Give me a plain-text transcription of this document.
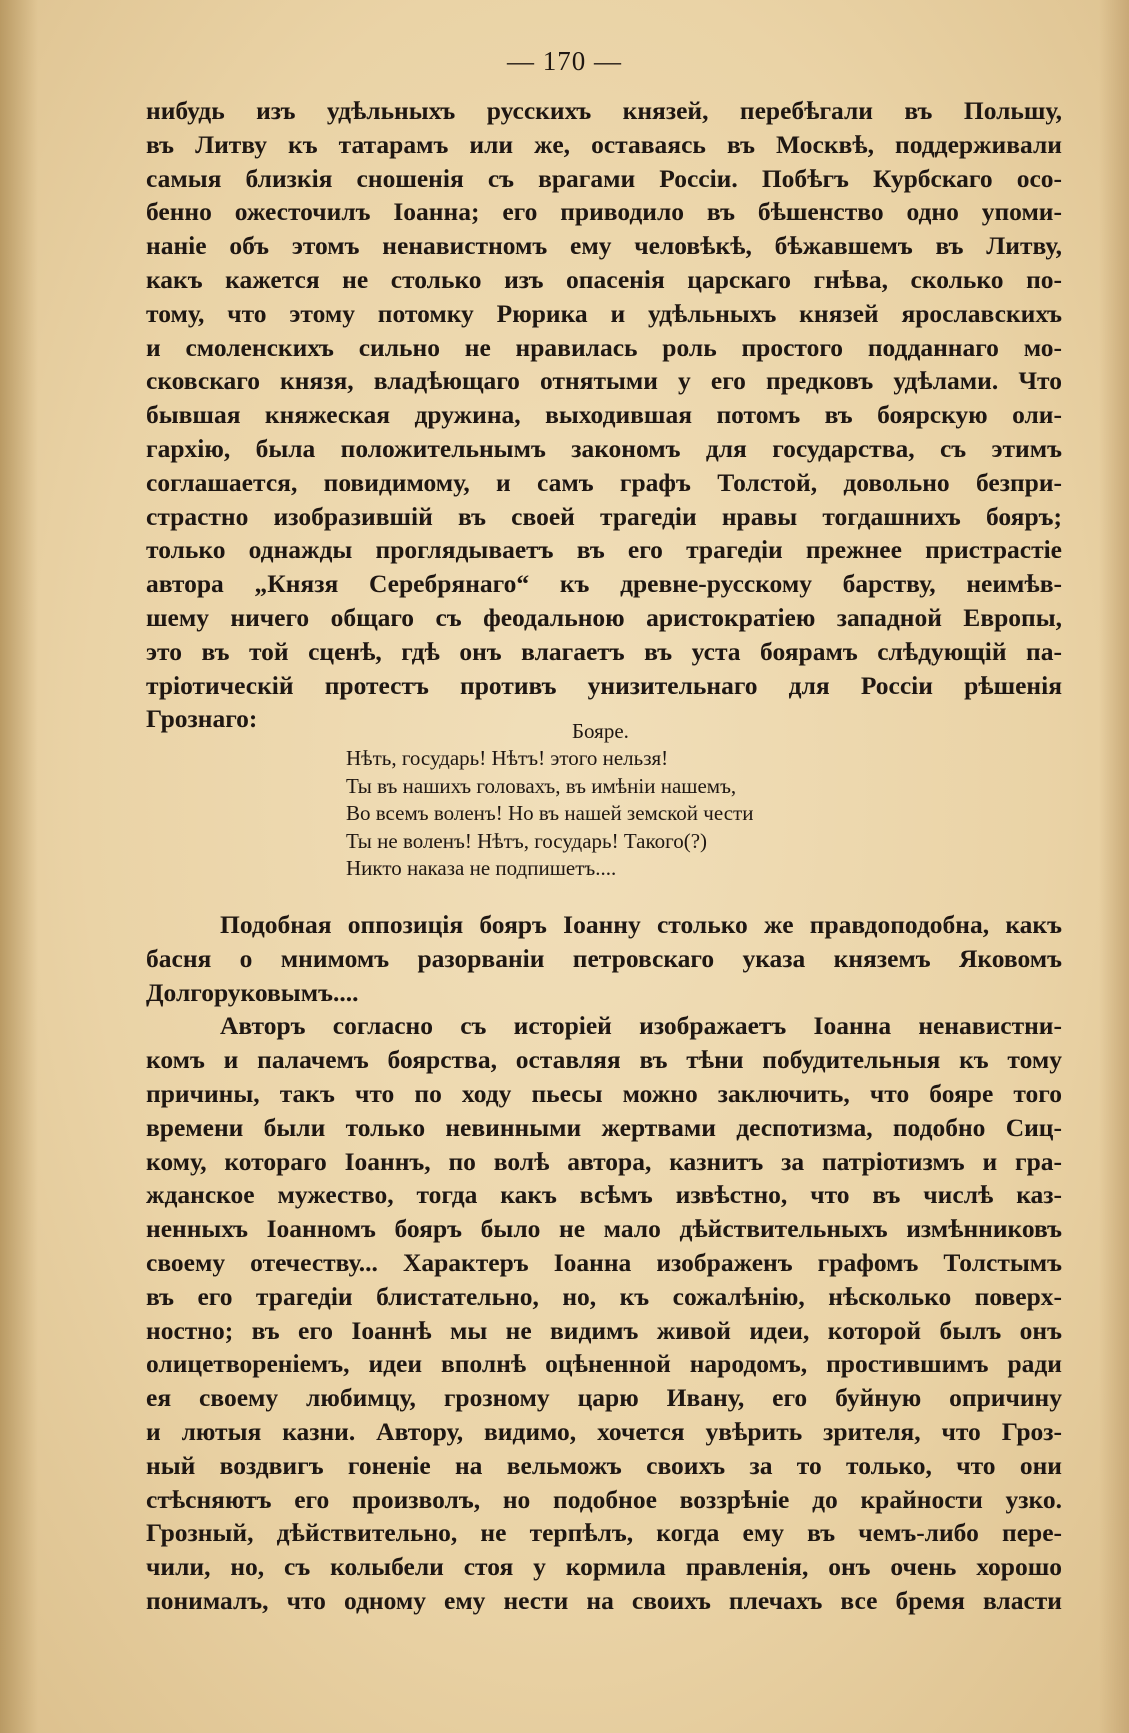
— 170 —
нибудь изъ удѣльныхъ русскихъ князей, перебѣгали въ Польшу,
въ Литву къ татарамъ или же, оставаясь въ Москвѣ, поддерживали
самыя близкія сношенія съ врагами Россіи. Побѣгъ Курбскаго осо-
бенно ожесточилъ Іоанна; его приводило въ бѣшенство одно упоми-
наніе объ этомъ ненавистномъ ему человѣкѣ, бѣжавшемъ въ Литву,
какъ кажется не столько изъ опасенія царскаго гнѣва, сколько по-
тому, что этому потомку Рюрика и удѣльныхъ князей ярославскихъ
и смоленскихъ сильно не нравилась роль простого подданнаго мо-
сковскаго князя, владѣющаго отнятыми у его предковъ удѣлами. Что
бывшая княжеская дружина, выходившая потомъ въ боярскую оли-
гархію, была положительнымъ закономъ для государства, съ этимъ
соглашается, повидимому, и самъ графъ Толстой, довольно безпри-
страстно изобразившій въ своей трагедіи нравы тогдашнихъ бояръ;
только однажды проглядываетъ въ его трагедіи прежнее пристрастіе
автора „Князя Серебрянаго“ къ древне-русскому барству, неимѣв-
шему ничего общаго съ феодальною аристократіею западной Европы,
это въ той сценѣ, гдѣ онъ влагаетъ въ уста боярамъ слѣдующій па-
тріотическій протестъ противъ унизительнаго для Россіи рѣшенія
Грознаго:	Бояре.
Нѣть, государь! Нѣтъ! этого нельзя!
Ты въ нашихъ головахъ, въ имѣніи нашемъ,
Во всемъ воленъ! Но въ нашей земской чести
Ты не воленъ! Нѣтъ, государь! Такого(?)
Никто наказа не подпишетъ....
Подобная оппозиція бояръ Іоанну столько же правдоподобна, какъ
басня о мнимомъ разорваніи петровскаго указа княземъ Яковомъ
Долгоруковымъ....
Авторъ согласно съ исторіей изображаетъ Іоанна ненавистни-
комъ и палачемъ боярства, оставляя въ тѣни побудительныя къ тому
причины, такъ что по ходу пьесы можно заключить, что бояре того
времени были только невинными жертвами деспотизма, подобно Сиц-
кому, котораго Іоаннъ, по волѣ автора, казнитъ за патріотизмъ и гра-
жданское мужество, тогда какъ всѣмъ извѣстно, что въ числѣ каз-
ненныхъ Іоанномъ бояръ было не мало дѣйствительныхъ измѣнниковъ
своему отечеству... Характеръ Іоанна изображенъ графомъ Толстымъ
въ его трагедіи блистательно, но, къ сожалѣнію, нѣсколько поверх-
ностно; въ его Іоаннѣ мы не видимъ живой идеи, которой былъ онъ
олицетвореніемъ, идеи вполнѣ оцѣненной народомъ, простившимъ ради
ея своему любимцу, грозному царю Ивану, его буйную опричину
и лютыя казни. Автору, видимо, хочется увѣрить зрителя, что Гроз-
ный воздвигъ гоненіе на вельможъ своихъ за то только, что они
стѣсняютъ его произволъ, но подобное воззрѣніе до крайности узко.
Грозный, дѣйствительно, не терпѣлъ, когда ему въ чемъ-либо пере-
чили, но, съ колыбели стоя у кормила правленія, онъ очень хорошо
понималъ, что одному ему нести на своихъ плечахъ все бремя власти
